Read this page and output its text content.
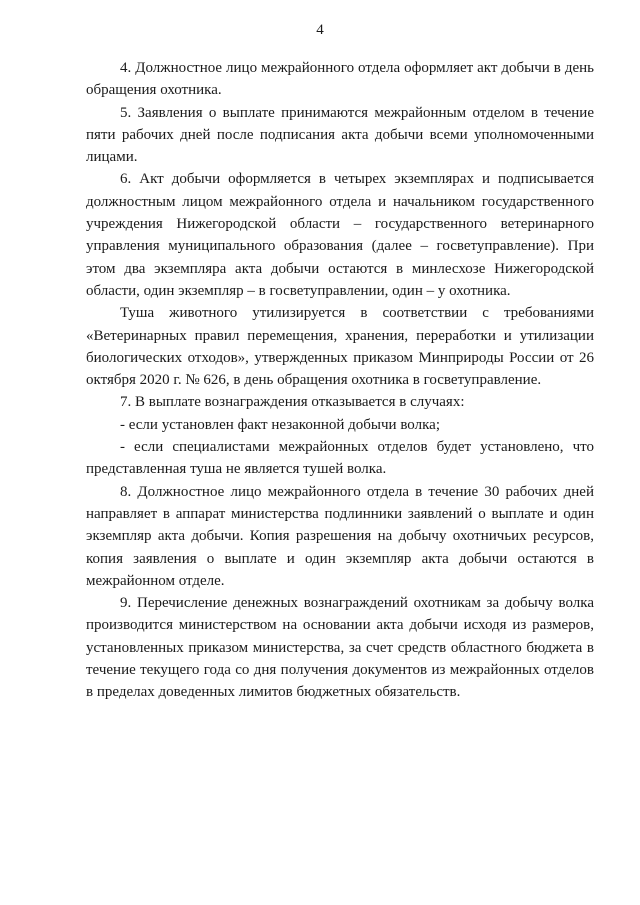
4

4. Должностное лицо межрайонного отдела оформляет акт добычи в день обращения охотника.

5. Заявления о выплате принимаются межрайонным отделом в течение пяти рабочих дней после подписания акта добычи всеми уполномоченными лицами.

6. Акт добычи оформляется в четырех экземплярах и подписывается должностным лицом межрайонного отдела и начальником государственного учреждения Нижегородской области – государственного ветеринарного управления муниципального образования (далее – госветуправление). При этом два экземпляра акта добычи остаются в минлесхозе Нижегородской области, один экземпляр – в госветуправлении, один – у охотника.

Туша животного утилизируется в соответствии с требованиями «Ветеринарных правил перемещения, хранения, переработки и утилизации биологических отходов», утвержденных приказом Минприроды России от 26 октября 2020 г. № 626, в день обращения охотника в госветуправление.

7. В выплате вознаграждения отказывается в случаях:

- если установлен факт незаконной добычи волка;

- если специалистами межрайонных отделов будет установлено, что представленная туша не является тушей волка.

8. Должностное лицо межрайонного отдела в течение 30 рабочих дней направляет в аппарат министерства подлинники заявлений о выплате и один экземпляр акта добычи. Копия разрешения на добычу охотничьих ресурсов, копия заявления о выплате и один экземпляр акта добычи остаются в межрайонном отделе.

9. Перечисление денежных вознаграждений охотникам за добычу волка производится министерством на основании акта добычи исходя из размеров, установленных приказом министерства, за счет средств областного бюджета в течение текущего года со дня получения документов из межрайонных отделов в пределах доведенных лимитов бюджетных обязательств.
